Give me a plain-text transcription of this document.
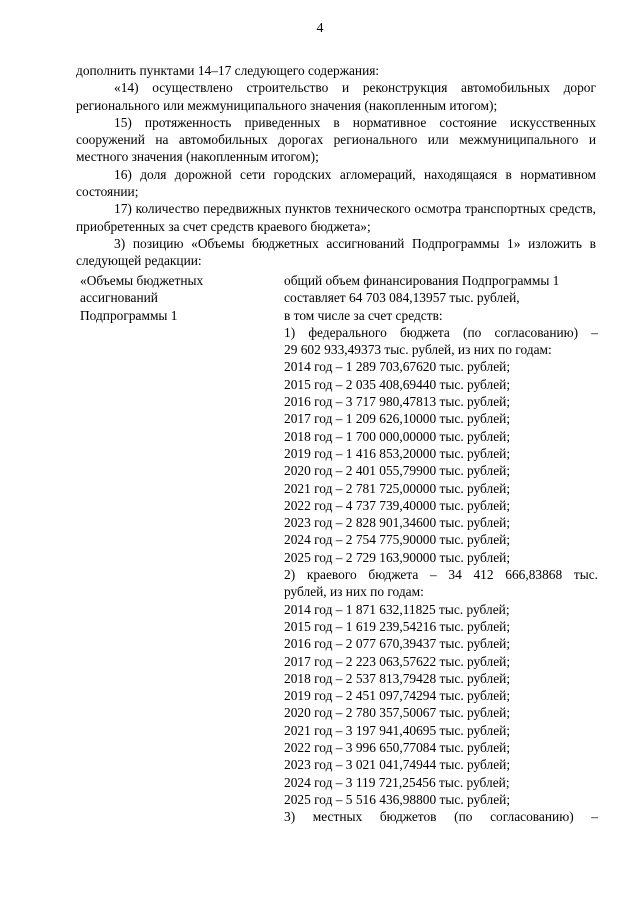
4

дополнить пунктами 14–17 следующего содержания:

«14) осуществлено строительство и реконструкция автомобильных дорог регионального или межмуниципального значения (накопленным итогом);

15) протяженность приведенных в нормативное состояние искусственных сооружений на автомобильных дорогах регионального или межмуниципального и местного значения (накопленным итогом);

16) доля дорожной сети городских агломераций, находящаяся в нормативном состоянии;

17) количество передвижных пунктов технического осмотра транспортных средств, приобретенных за счет средств краевого бюджета»;

3) позицию «Объемы бюджетных ассигнований Подпрограммы 1» изложить в следующей редакции:

«Объемы бюджетных
ассигнований
Подпрограммы 1
общий объем финансирования Подпрограммы 1
составляет 64 703 084,13957 тыс. рублей,
в том числе за счет средств:
1) федерального бюджета (по согласованию) –
29 602 933,49373 тыс. рублей, из них по годам:
2014 год – 1 289 703,67620 тыс. рублей;
2015 год – 2 035 408,69440 тыс. рублей;
2016 год – 3 717 980,47813 тыс. рублей;
2017 год – 1 209 626,10000 тыс. рублей;
2018 год – 1 700 000,00000 тыс. рублей;
2019 год – 1 416 853,20000 тыс. рублей;
2020 год – 2 401 055,79900 тыс. рублей;
2021 год – 2 781 725,00000 тыс. рублей;
2022 год – 4 737 739,40000 тыс. рублей;
2023 год – 2 828 901,34600 тыс. рублей;
2024 год – 2 754 775,90000 тыс. рублей;
2025 год – 2 729 163,90000 тыс. рублей;
2) краевого бюджета – 34 412 666,83868 тыс.
рублей, из них по годам:
2014 год – 1 871 632,11825 тыс. рублей;
2015 год – 1 619 239,54216 тыс. рублей;
2016 год – 2 077 670,39437 тыс. рублей;
2017 год – 2 223 063,57622 тыс. рублей;
2018 год – 2 537 813,79428 тыс. рублей;
2019 год – 2 451 097,74294 тыс. рублей;
2020 год – 2 780 357,50067 тыс. рублей;
2021 год – 3 197 941,40695 тыс. рублей;
2022 год – 3 996 650,77084 тыс. рублей;
2023 год – 3 021 041,74944 тыс. рублей;
2024 год – 3 119 721,25456 тыс. рублей;
2025 год – 5 516 436,98800 тыс. рублей;
3) местных бюджетов (по согласованию) –
